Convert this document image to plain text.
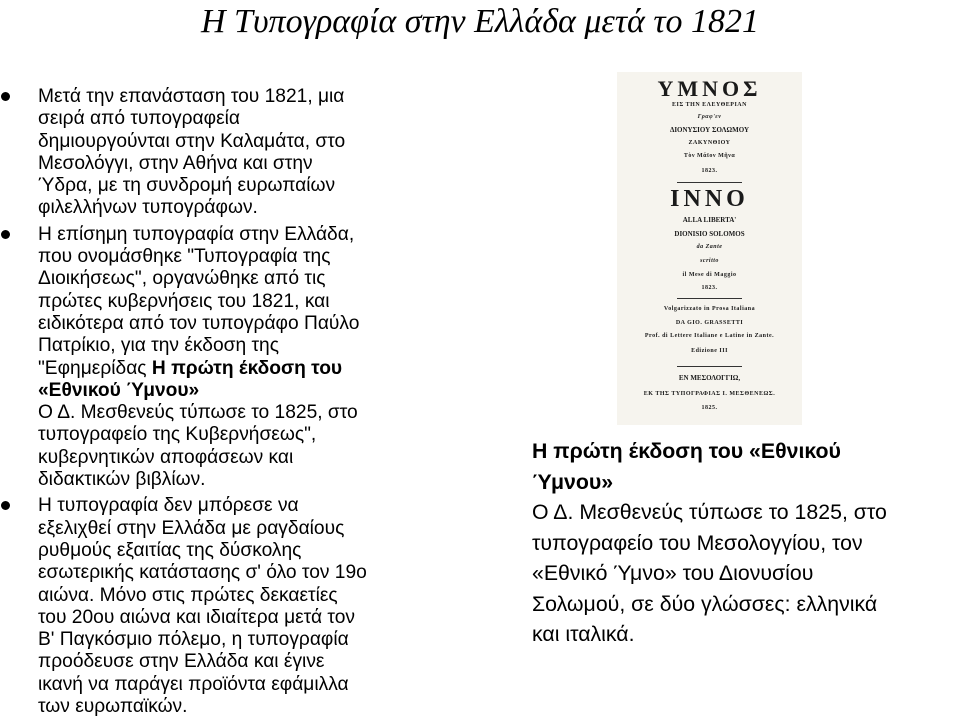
Η Τυπογραφία στην Ελλάδα μετά το 1821
Μετά την επανάσταση του 1821, μια
σειρά από τυπογραφεία
δημιουργούνται στην Καλαμάτα, στο
Μεσολόγγι, στην Αθήνα και στην
Ύδρα, με τη συνδρομή ευρωπαίων
φιλελλήνων τυπογράφων.
Η επίσημη τυπογραφία στην Ελλάδα,
που ονομάσθηκε "Τυπογραφία της
Διοικήσεως", οργανώθηκε από τις
πρώτες κυβερνήσεις του 1821, και
ειδικότερα από τον τυπογράφο Παύλο
Πατρίκιο, για την έκδοση της
"Εφημερίδας Η πρώτη έκδοση του
«Εθνικού Ύμνου»
Ο Δ. Μεσθενεύς τύπωσε το 1825, στο
τυπογραφείο της Κυβερνήσεως",
κυβερνητικών αποφάσεων και
διδακτικών βιβλίων.
Η τυπογραφία δεν μπόρεσε να
εξελιχθεί στην Ελλάδα με ραγδαίους
ρυθμούς εξαιτίας της δύσκολης
εσωτερικής κατάστασης σ' όλο τον 19ο
αιώνα. Μόνο στις πρώτες δεκαετίες
του 20ου αιώνα και ιδιαίτερα μετά τον
Β' Παγκόσμιο πόλεμο, η τυπογραφία
προόδευσε στην Ελλάδα και έγινε
ικανή να παράγει προϊόντα εφάμιλλα
των ευρωπαϊκών.
ΥΜΝΟΣ
ΕΙΣ ΤΗΝ ΕΛΕΥΘΕΡΙΑΝ
Γραφ'εν
ΔΙΟΝΥΣΙΟΥ ΣΟΛΩΜΟΥ
ΖΑΚΥΝΘΙΟΥ
Τὸν Μάϊον Μῆνα
1823.
INNO
ALLA LIBERTA'
DIONISIO SOLOMOS
da Zante
scritto
il Mese di Maggio
1823.
Volgarizzato in Prosa Italiana
DA GIO. GRASSETTI
Prof. di Lettere Italiane e Latine in Zante.
Edizione III
ΕΝ ΜΕΣΟΛΟΓΓΙΩ,
ΕΚ ΤΗΣ ΤΥΠΟΓΡΑΦΙΑΣ Ι. ΜΕΣΘΕΝΕΩΣ.
1825.
Η πρώτη έκδοση του «Εθνικού
Ύμνου»
Ο Δ. Μεσθενεύς τύπωσε το 1825, στο
τυπογραφείο του Μεσολογγίου, τον
«Εθνικό Ύμνο» του Διονυσίου
Σολωμού, σε δύο γλώσσες: ελληνικά
και ιταλικά.
